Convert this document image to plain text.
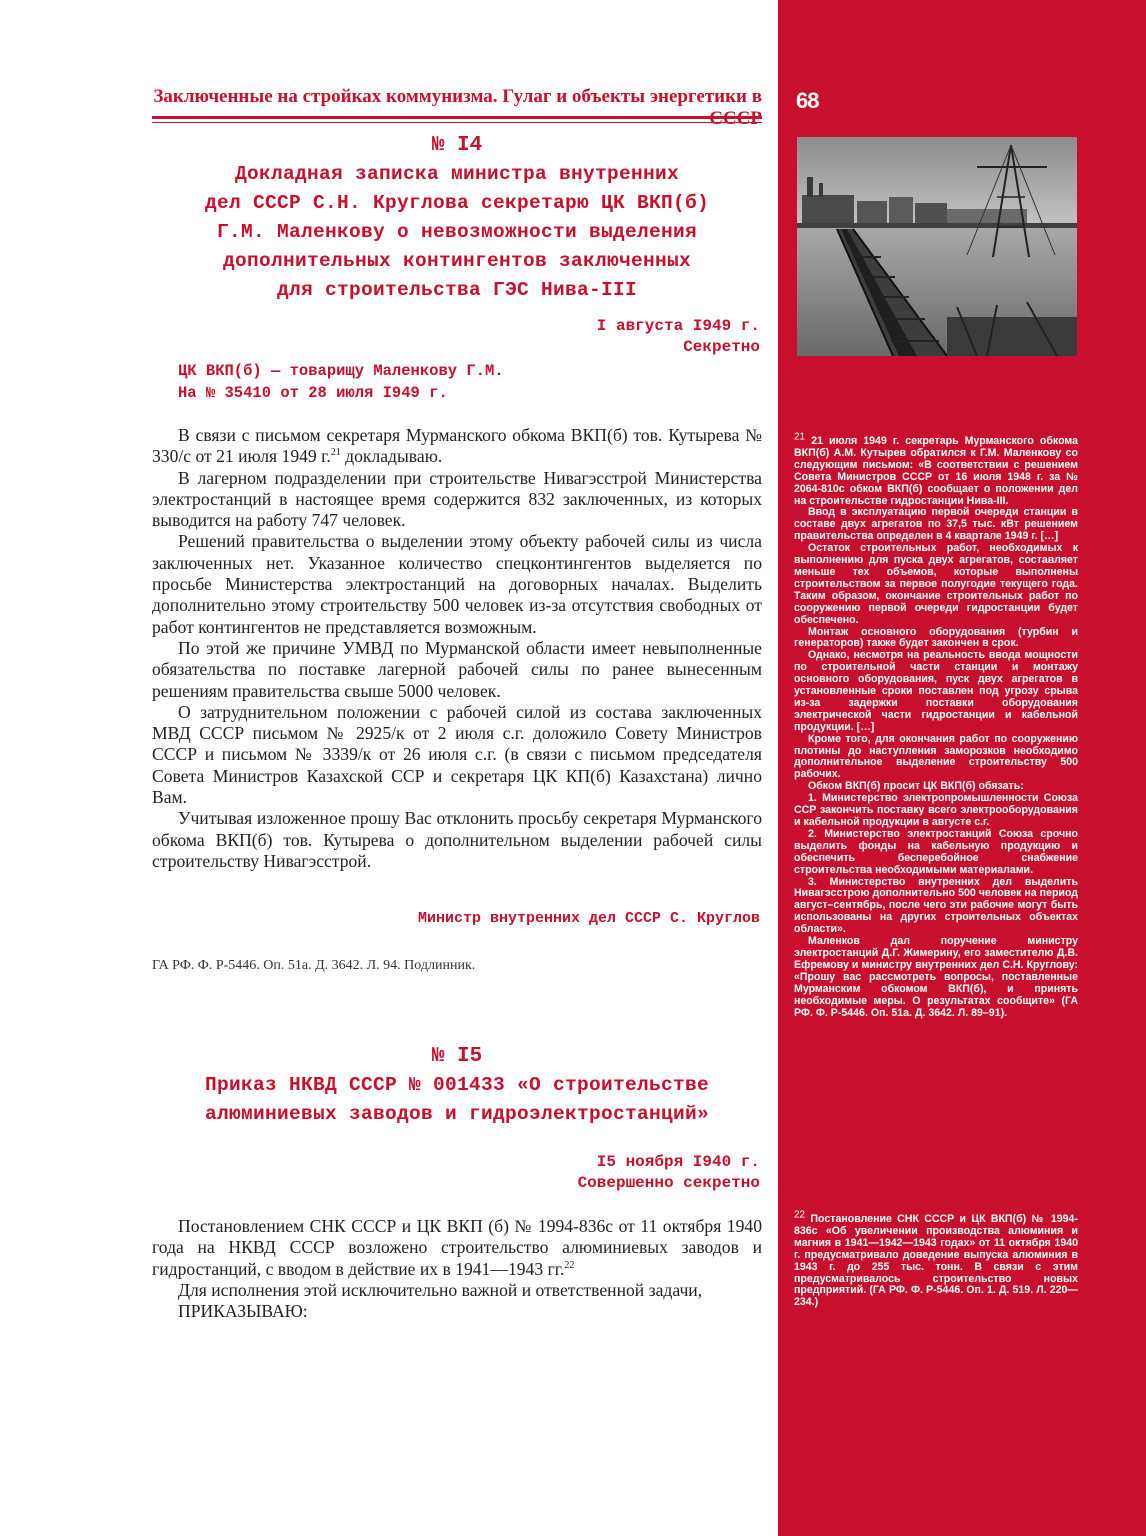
Заключенные на стройках коммунизма. Гулаг и объекты энергетики в
№ I4
Докладная записка министра внутренних
дел СССР С.Н. Круглова секретарю ЦК ВКП(б)
Г.М. Маленкову о невозможности выделения
дополнительных контингентов заключенных
для строительства ГЭС Нива-III
I августа I949 г.
Секретно
ЦК ВКП(б) — товарищу Маленкову Г.М.
На № 35410 от 28 июля I949 г.

В связи с письмом секретаря Мурманского обкома ВКП(б) тов. Кутырева № 330/с от 21 июля 1949 г.$^{21}$ докладываю.

В лагерном подразделении при строительстве Нивагэсстрой Министерства электростанций в настоящее время содержится 832 заключенных, из которых выводится на работу 747 человек.

Решений правительства о выделении этому объекту рабочей силы из числа заключенных нет. Указанное количество спецконтингентов выделяется по просьбе Министерства электростанций на договорных началах. Выделить дополнительно этому строительству 500 человек из-за отсутствия свободных от работ контингентов не представляется возможным.

По этой же причине УМВД по Мурманской области имеет невыполненные обязательства по поставке лагерной рабочей силы по ранее вынесенным решениям правительства свыше 5000 человек.

О затруднительном положении с рабочей силой из состава заключенных МВД СССР письмом № 2925/к от 2 июля с.г. доложило Совету Министров СССР и письмом № 3339/к от 26 июля с.г. (в связи с письмом председателя Совета Министров Казахской ССР и секретаря ЦК КП(б) Казахстана) лично Вам.

Учитывая изложенное прошу Вас отклонить просьбу секретаря Мурманского обкома ВКП(б) тов. Кутырева о дополнительном выделении рабочей силы строительству Нивагэсстрой.

Министр внутренних дел СССР С. Круглов
ГА РФ. Ф. Р-5446. Оп. 51а. Д. 3642. Л. 94. Подлинник.
№ I5
Приказ НКВД СССР № 001433 «О строительстве
алюминиевых заводов и гидроэлектростанций»
I5 ноября I940 г.
Совершенно секретно

Постановлением СНК СССР и ЦК ВКП (б) № 1994-836с от 11 октября 1940 года на НКВД СССР возложено строительство алюминиевых заводов и гидростанций, с вводом в действие их в 1941—1943 гг.$^{22}$

Для исполнения этой исключительно важной и ответственной задачи,

ПРИКАЗЫВАЮ:

68

21 21 июля 1949 г. секретарь Мурманского обкома ВКП(б) А.М. Кутырев обратился к Г.М. Маленкову со следующим письмом: «В соответствии с решением Совета Министров СССР от 16 июля 1948 г. за № 2064-810с обком ВКП(б) сообщает о положении дел на строительстве гидростанции Нива-III.

Ввод в эксплуатацию первой очереди станции в составе двух агрегатов по 37,5 тыс. кВт решением правительства определен в 4 квартале 1949 г. […]

Остаток строительных работ, необходимых к выполнению для пуска двух агрегатов, составляет меньше тех объемов, которые выполнены строительством за первое полугодие текущего года. Таким образом, окончание строительных работ по сооружению первой очереди гидростанции будет обеспечено.

Монтаж основного оборудования (турбин и генераторов) также будет закончен в срок.

Однако, несмотря на реальность ввода мощности по строительной части станции и монтажу основного оборудования, пуск двух агрегатов в установленные сроки поставлен под угрозу срыва из-за задержки поставки оборудования электрической части гидростанции и кабельной продукции. […]

Кроме того, для окончания работ по сооружению плотины до наступления заморозков необходимо дополнительное выделение строительству 500 рабочих.

Обком ВКП(б) просит ЦК ВКП(б) обязать:

1. Министерство электропромышленности Союза ССР закончить поставку всего электрооборудования и кабельной продукции в августе с.г.

2. Министерство электростанций Союза срочно выделить фонды на кабельную продукцию и обеспечить бесперебойное снабжение строительства необходимыми материалами.

3. Министерство внутренних дел выделить Нивагэсстрою дополнительно 500 человек на период август–сентябрь, после чего эти рабочие могут быть использованы на других строительных объектах области».

Маленков дал поручение министру электростанций Д.Г. Жимерину, его заместителю Д.В. Ефремову и министру внутренних дел С.Н. Круглову: «Прошу вас рассмотреть вопросы, поставленные Мурманским обкомом ВКП(б), и принять необходимые меры. О результатах сообщите» (ГА РФ. Ф. Р-5446. Оп. 51а. Д. 3642. Л. 89–91).

22 Постановление СНК СССР и ЦК ВКП(б) № 1994-836с «Об увеличении производства алюминия и магния в 1941—1942—1943 годах» от 11 октября 1940 г. предусматривало доведение выпуска алюминия в 1943 г. до 255 тыс. тонн. В связи с этим предусматривалось строительство новых предприятий. (ГА РФ. Ф. Р-5446. Оп. 1. Д. 519. Л. 220—234.)
